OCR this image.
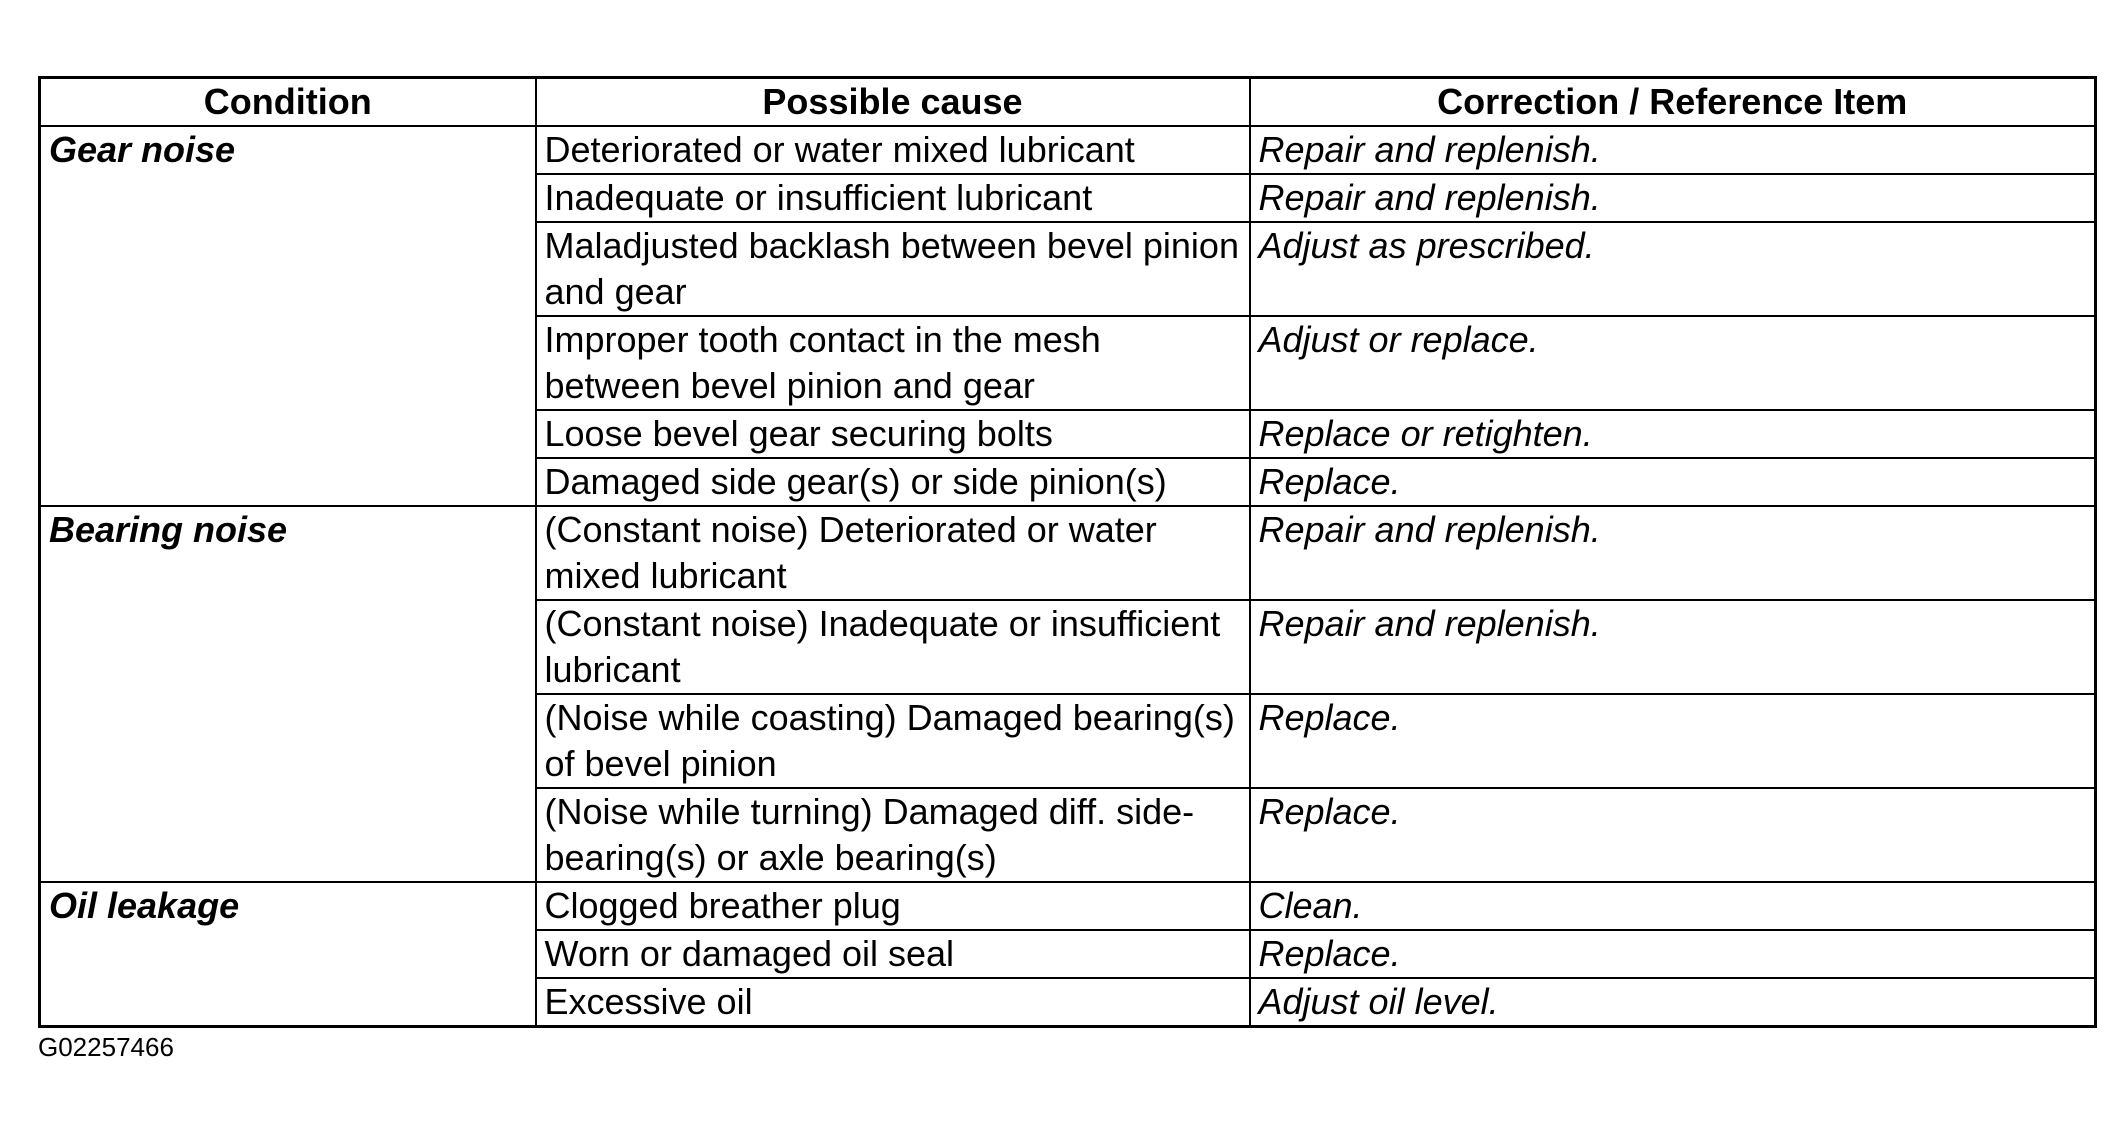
Condition	Possible cause	Correction / Reference Item
Gear noise	Deteriorated or water mixed lubricant	Repair and replenish.
	Inadequate or insufficient lubricant	Repair and replenish.
	Maladjusted backlash between bevel pinion and gear	Adjust as prescribed.
	Improper tooth contact in the mesh between bevel pinion and gear	Adjust or replace.
	Loose bevel gear securing bolts	Replace or retighten.
	Damaged side gear(s) or side pinion(s)	Replace.
Bearing noise	(Constant noise) Deteriorated or water mixed lubricant	Repair and replenish.
	(Constant noise) Inadequate or insufficient lubricant	Repair and replenish.
	(Noise while coasting) Damaged bearing(s) of bevel pinion	Replace.
	(Noise while turning) Damaged diff. side-bearing(s) or axle bearing(s)	Replace.
Oil leakage	Clogged breather plug	Clean.
	Worn or damaged oil seal	Replace.
	Excessive oil	Adjust oil level.
G02257466
